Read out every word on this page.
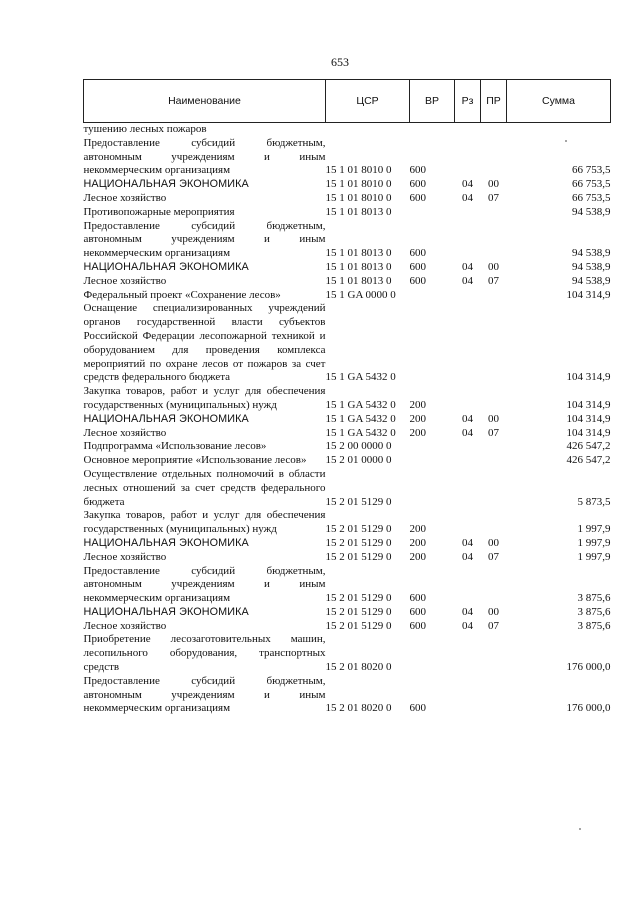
653
Наименование	ЦСР	ВР	Рз	ПР	Сумма
тушению лесных пожаров					
Предоставление субсидий бюджетным, автономным учреждениям и иным некоммерческим организациям	15 1 01 8010 0	600			66 753,5
НАЦИОНАЛЬНАЯ ЭКОНОМИКА	15 1 01 8010 0	600	04	00	66 753,5
Лесное хозяйство	15 1 01 8010 0	600	04	07	66 753,5
Противопожарные мероприятия	15 1 01 8013 0				94 538,9
Предоставление субсидий бюджетным, автономным учреждениям и иным некоммерческим организациям	15 1 01 8013 0	600			94 538,9
НАЦИОНАЛЬНАЯ ЭКОНОМИКА	15 1 01 8013 0	600	04	00	94 538,9
Лесное хозяйство	15 1 01 8013 0	600	04	07	94 538,9
Федеральный проект «Сохранение лесов»	15 1 GA 0000 0				104 314,9
Оснащение специализированных учреждений органов государственной власти субъектов Российской Федерации лесопожарной техникой и оборудованием для проведения комплекса мероприятий по охране лесов от пожаров за счет средств федерального бюджета	15 1 GA 5432 0				104 314,9
Закупка товаров, работ и услуг для обеспечения государственных (муниципальных) нужд	15 1 GA 5432 0	200			104 314,9
НАЦИОНАЛЬНАЯ ЭКОНОМИКА	15 1 GA 5432 0	200	04	00	104 314,9
Лесное хозяйство	15 1 GA 5432 0	200	04	07	104 314,9
Подпрограмма «Использование лесов»	15 2 00 0000 0				426 547,2
Основное мероприятие «Использование лесов»	15 2 01 0000 0				426 547,2
Осуществление отдельных полномочий в области лесных отношений за счет средств федерального бюджета	15 2 01 5129 0				5 873,5
Закупка товаров, работ и услуг для обеспечения государственных (муниципальных) нужд	15 2 01 5129 0	200			1 997,9
НАЦИОНАЛЬНАЯ ЭКОНОМИКА	15 2 01 5129 0	200	04	00	1 997,9
Лесное хозяйство	15 2 01 5129 0	200	04	07	1 997,9
Предоставление субсидий бюджетным, автономным учреждениям и иным некоммерческим организациям	15 2 01 5129 0	600			3 875,6
НАЦИОНАЛЬНАЯ ЭКОНОМИКА	15 2 01 5129 0	600	04	00	3 875,6
Лесное хозяйство	15 2 01 5129 0	600	04	07	3 875,6
Приобретение лесозаготовительных машин, лесопильного оборудования, транспортных средств	15 2 01 8020 0				176 000,0
Предоставление субсидий бюджетным, автономным учреждениям и иным некоммерческим организациям	15 2 01 8020 0	600			176 000,0
